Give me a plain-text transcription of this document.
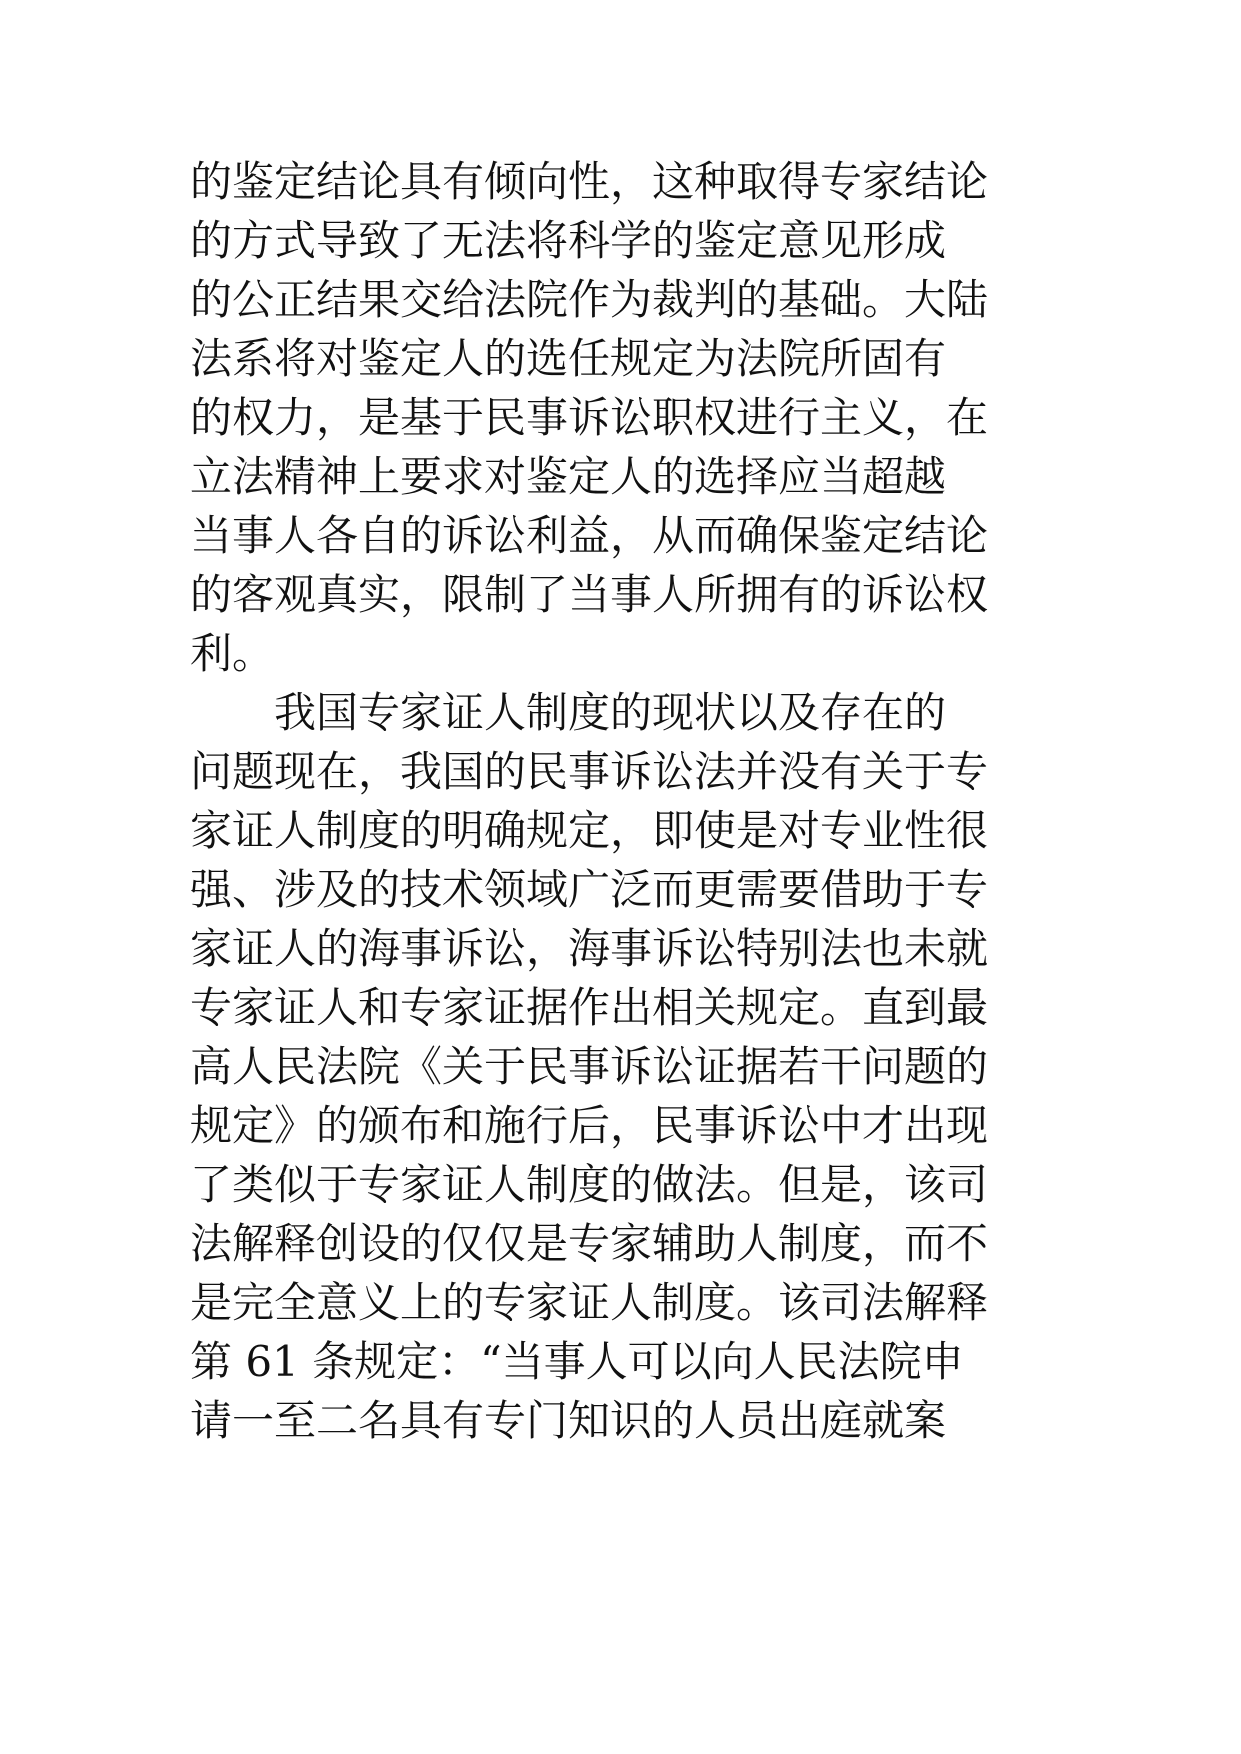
的鉴定结论具有倾向性，这种取得专家结论
的方式导致了无法将科学的鉴定意见形成
的公正结果交给法院作为裁判的基础。大陆
法系将对鉴定人的选任规定为法院所固有
的权力，是基于民事诉讼职权进行主义，在
立法精神上要求对鉴定人的选择应当超越
当事人各自的诉讼利益，从而确保鉴定结论
的客观真实，限制了当事人所拥有的诉讼权
利。
我国专家证人制度的现状以及存在的
问题现在，我国的民事诉讼法并没有关于专
家证人制度的明确规定，即使是对专业性很
强、涉及的技术领域广泛而更需要借助于专
家证人的海事诉讼，海事诉讼特别法也未就
专家证人和专家证据作出相关规定。直到最
高人民法院《关于民事诉讼证据若干问题的
规定》的颁布和施行后，民事诉讼中才出现
了类似于专家证人制度的做法。但是，该司
法解释创设的仅仅是专家辅助人制度，而不
是完全意义上的专家证人制度。该司法解释
第 61 条规定：“当事人可以向人民法院申
请一至二名具有专门知识的人员出庭就案
